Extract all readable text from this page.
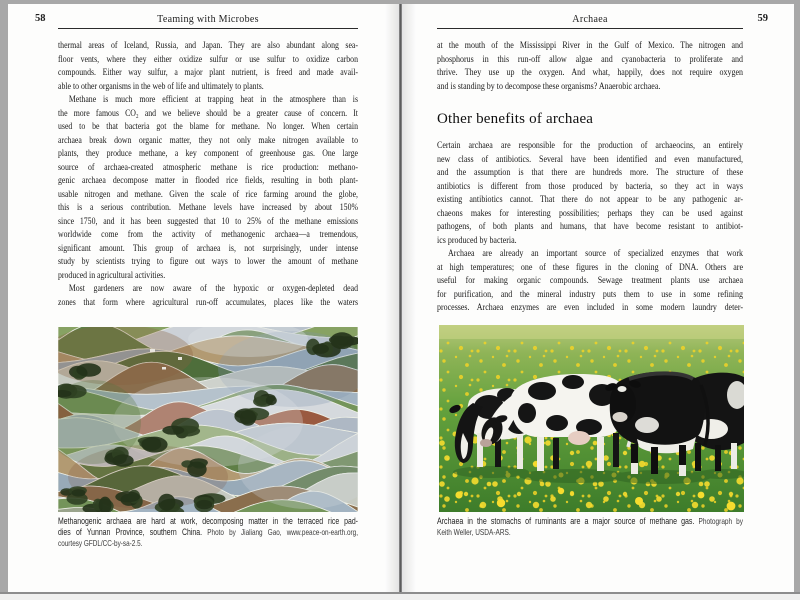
58	Teaming with Microbes
thermal areas of Iceland, Russia, and Japan. They are also abundant along sea-
floor vents, where they either oxidize sulfur or use sulfur to oxidize carbon
compounds. Either way sulfur, a major plant nutrient, is freed and made avail-
able to other organisms in the web of life and ultimately to plants.
Methane is much more efficient at trapping heat in the atmosphere than is
the more famous CO₂ and we believe should be a greater cause of concern. It
used to be that bacteria got the blame for methane. No longer. When certain
archaea break down organic matter, they not only make nitrogen available to
plants, they produce methane, a key component of greenhouse gas. One large
source of archaea-created atmospheric methane is rice production: methano-
genic archaea decompose matter in flooded rice fields, resulting in both plant-
usable nitrogen and methane. Given the scale of rice farming around the globe,
this is a serious contribution. Methane levels have increased by about 150%
since 1750, and it has been suggested that 10 to 25% of the methane emissions
worldwide come from the activity of methanogenic archaea—a tremendous,
significant amount. This group of archaea is, not surprisingly, under intense
study by scientists trying to figure out ways to lower the amount of methane
produced in agricultural activities.
Most gardeners are now aware of the hypoxic or oxygen-depleted dead
zones that form where agricultural run-off accumulates, places like the waters
Methanogenic archaea are hard at work, decomposing matter in the terraced rice pad-
dies of Yunnan Province, southern China. Photo by Jialiang Gao, www.peace-on-earth.org,
courtesy GFDL/CC-by-sa-2.5.
Archaea	59
at the mouth of the Mississippi River in the Gulf of Mexico. The nitrogen and
phosphorus in this run-off allow algae and cyanobacteria to proliferate and
thrive. They use up the oxygen. And what, happily, does not require oxygen
and is standing by to decompose these organisms? Anaerobic archaea.
Other benefits of archaea
Certain archaea are responsible for the production of archaeocins, an entirely
new class of antibiotics. Several have been identified and even manufactured,
and the assumption is that there are hundreds more. The structure of these
antibiotics is different from those produced by bacteria, so they act in ways
existing antibiotics cannot. That there do not appear to be any pathogenic ar-
chaeons makes for interesting possibilities; perhaps they can be used against
pathogens, of both plants and humans, that have become resistant to antibiot-
ics produced by bacteria.
Archaea are already an important source of specialized enzymes that work
at high temperatures; one of these figures in the cloning of DNA. Others are
useful for making organic compounds. Sewage treatment plants use archaea
for purification, and the mineral industry puts them to use in some refining
processes. Archaea enzymes are even included in some modern laundry deter-
Archaea in the stomachs of ruminants are a major source of methane gas. Photograph by
Keith Weller, USDA-ARS.
